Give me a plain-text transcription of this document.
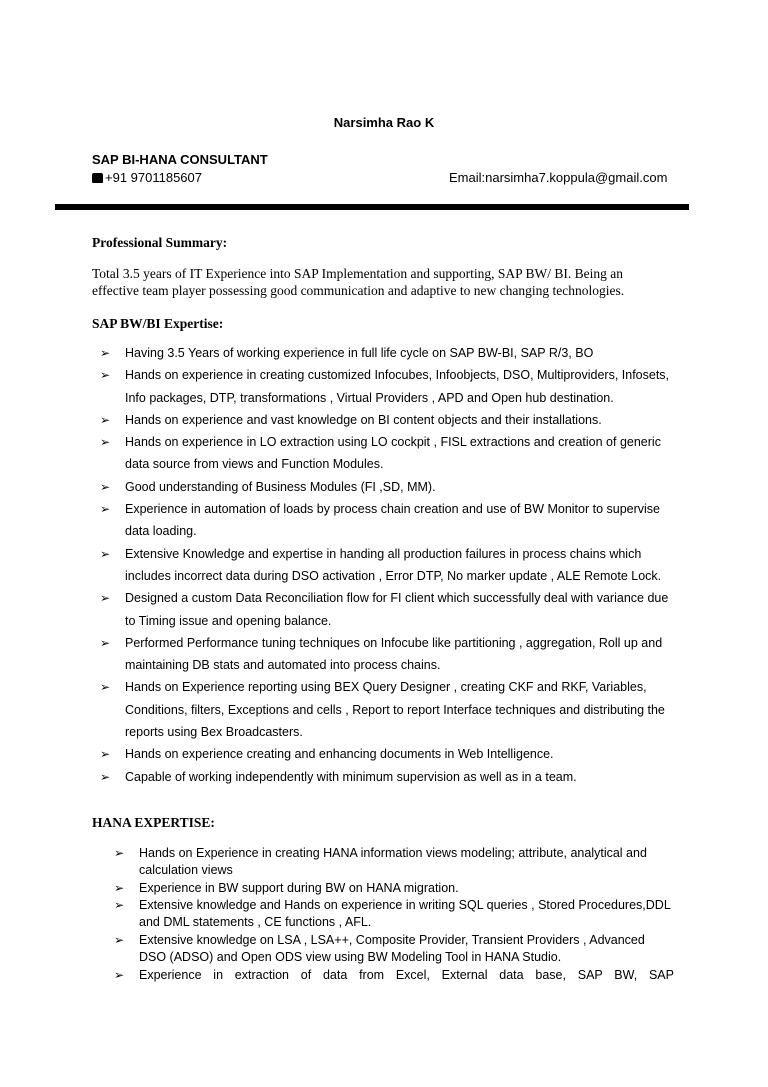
Narsimha Rao K
SAP BI-HANA CONSULTANT
+91 9701185607	Email:narsimha7.koppula@gmail.com
Professional Summary:
Total 3.5 years of IT Experience into SAP Implementation and supporting, SAP BW/ BI. Being an effective team player possessing good communication and adaptive to new changing technologies.
SAP BW/BI Expertise:
➢ Having 3.5 Years of working experience in full life cycle on SAP BW-BI, SAP R/3, BO
➢ Hands on experience in creating customized Infocubes, Infoobjects, DSO, Multiproviders, Infosets, Info packages, DTP, transformations , Virtual Providers , APD and Open hub destination.
➢ Hands on experience and vast knowledge on BI content objects and their installations.
➢ Hands on experience in LO extraction using LO cockpit , FISL extractions and creation of generic data source from views and Function Modules.
➢ Good understanding of Business Modules (FI ,SD, MM).
➢ Experience in automation of loads by process chain creation and use of BW Monitor to supervise data loading.
➢ Extensive Knowledge and expertise in handing all production failures in process chains which includes incorrect data during DSO activation , Error DTP, No marker update , ALE Remote Lock.
➢ Designed a custom Data Reconciliation flow for FI client which successfully deal with variance due to Timing issue and opening balance.
➢ Performed Performance tuning techniques on Infocube like partitioning , aggregation, Roll up and maintaining DB stats and automated into process chains.
➢ Hands on Experience reporting using BEX Query Designer , creating CKF and RKF, Variables, Conditions, filters, Exceptions and cells , Report to report Interface techniques and distributing the reports using Bex Broadcasters.
➢ Hands on experience creating and enhancing documents in Web Intelligence.
➢ Capable of working independently with minimum supervision as well as in a team.
HANA EXPERTISE:
➢ Hands on Experience in creating HANA information views modeling; attribute, analytical and calculation views
➢ Experience in BW support during BW on HANA migration.
➢ Extensive knowledge and Hands on experience in writing SQL queries , Stored Procedures,DDL and DML statements , CE functions , AFL.
➢ Extensive knowledge on LSA , LSA++, Composite Provider, Transient Providers , Advanced DSO (ADSO) and Open ODS view using BW Modeling Tool in HANA Studio.
➢ Experience in extraction of data from Excel, External data base, SAP BW, SAP
